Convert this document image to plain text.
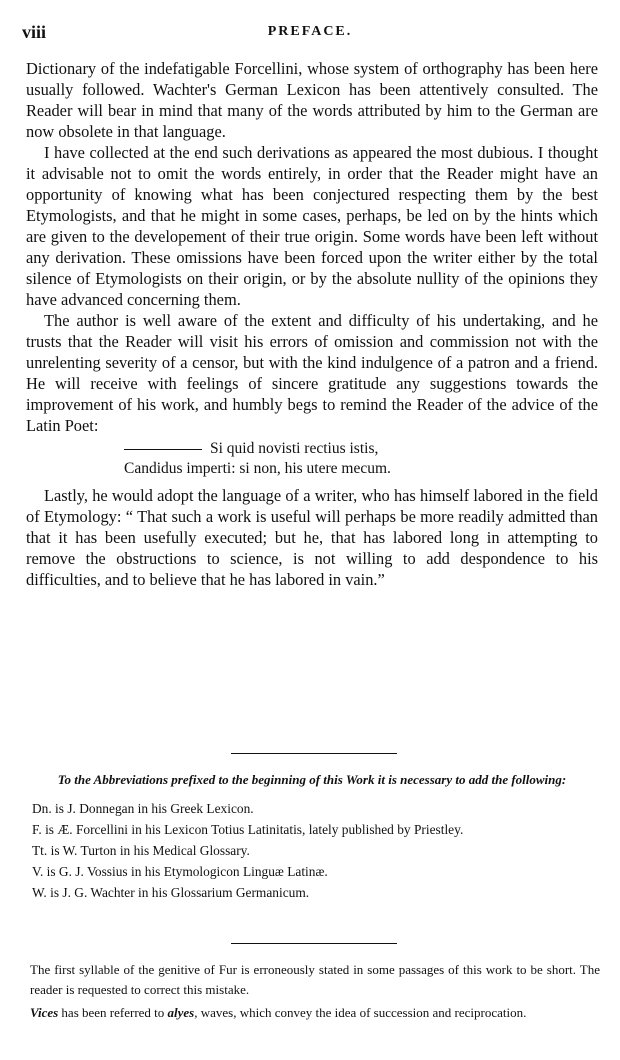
viii	PREFACE.

Dictionary of the indefatigable Forcellini, whose system of orthography has been here usually followed. Wachter's German Lexicon has been attentively consulted. The Reader will bear in mind that many of the words attributed by him to the German are now obsolete in that language.

I have collected at the end such derivations as appeared the most dubious. I thought it advisable not to omit the words entirely, in order that the Reader might have an opportunity of knowing what has been conjectured respecting them by the best Etymologists, and that he might in some cases, perhaps, be led on by the hints which are given to the developement of their true origin. Some words have been left without any derivation. These omissions have been forced upon the writer either by the total silence of Etymologists on their origin, or by the absolute nullity of the opinions they have advanced concerning them.

The author is well aware of the extent and difficulty of his undertaking, and he trusts that the Reader will visit his errors of omission and commission not with the unrelenting severity of a censor, but with the kind indulgence of a patron and a friend. He will receive with feelings of sincere gratitude any suggestions towards the improvement of his work, and humbly begs to remind the Reader of the advice of the Latin Poet:

Si quid novisti rectius istis,
Candidus imperti: si non, his utere mecum.

Lastly, he would adopt the language of a writer, who has himself labored in the field of Etymology: “ That such a work is useful will perhaps be more readily admitted than that it has been usefully executed; but he, that has labored long in attempting to remove the obstructions to science, is not willing to add despondence to his difficulties, and to believe that he has labored in vain.”

To the Abbreviations prefixed to the beginning of this Work it is necessary to add the following:

Dn. is J. Donnegan in his Greek Lexicon.
F. is Æ. Forcellini in his Lexicon Totius Latinitatis, lately published by Priestley.
Tt. is W. Turton in his Medical Glossary.
V. is G. J. Vossius in his Etymologicon Linguæ Latinæ.
W. is J. G. Wachter in his Glossarium Germanicum.

The first syllable of the genitive of Fur is erroneously stated in some passages of this work to be short. The reader is requested to correct this mistake.

Vices has been referred to alyes, waves, which convey the idea of succession and reciprocation.
